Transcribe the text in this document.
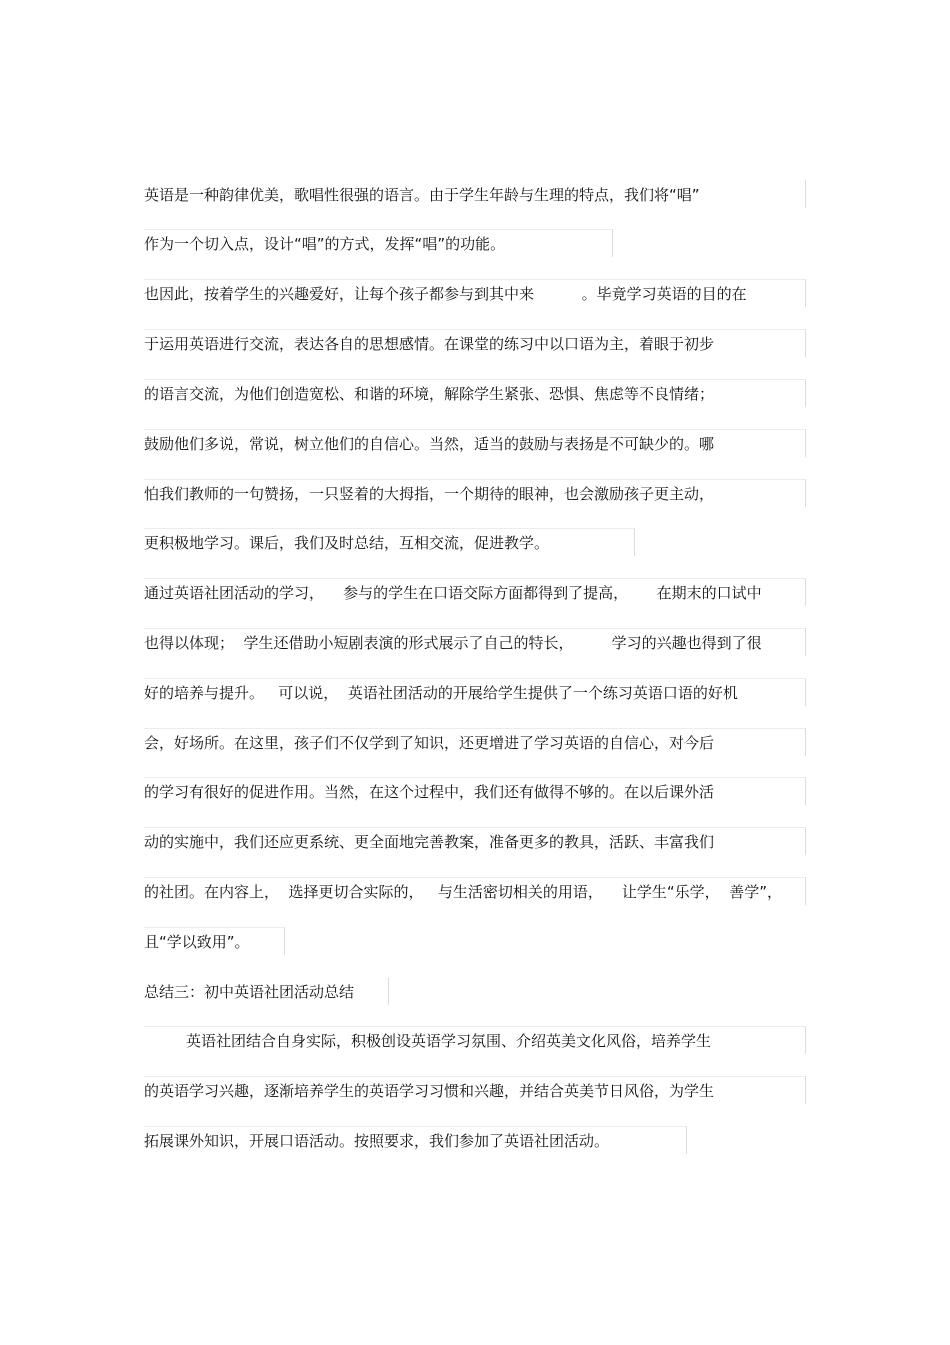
英语是一种韵律优美，歌唱性很强的语言。由于学生年龄与生理的特点，我们将“唱”
作为一个切入点，设计“唱”的方式，发挥“唱”的功能。
也因此，按着学生的兴趣爱好，让每个孩子都参与到其中来          。毕竟学习英语的目的在
于运用英语进行交流，表达各自的思想感情。在课堂的练习中以口语为主，着眼于初步
的语言交流，为他们创造宽松、和谐的环境，解除学生紧张、恐惧、焦虑等不良情绪；
鼓励他们多说，常说，树立他们的自信心。当然，适当的鼓励与表扬是不可缺少的。哪
怕我们教师的一句赞扬，一只竖着的大拇指，一个期待的眼神，也会激励孩子更主动，
更积极地学习。课后，我们及时总结，互相交流，促进教学。
通过英语社团活动的学习，    参与的学生在口语交际方面都得到了提高，      在期末的口试中
也得以体现；  学生还借助小短剧表演的形式展示了自己的特长，        学习的兴趣也得到了很
好的培养与提升。   可以说，  英语社团活动的开展给学生提供了一个练习英语口语的好机
会，好场所。在这里，孩子们不仅学到了知识，还更增进了学习英语的自信心，对今后
的学习有很好的促进作用。当然，在这个过程中，我们还有做得不够的。在以后课外活
动的实施中，我们还应更系统、更全面地完善教案，准备更多的教具，活跃、丰富我们
的社团。在内容上，  选择更切合实际的，   与生活密切相关的用语，    让学生“乐学，  善学”，
且“学以致用”。
总结三：初中英语社团活动总结
英语社团结合自身实际，积极创设英语学习氛围、介绍英美文化风俗，培养学生
的英语学习兴趣，逐渐培养学生的英语学习习惯和兴趣，并结合英美节日风俗，为学生
拓展课外知识，开展口语活动。按照要求，我们参加了英语社团活动。
